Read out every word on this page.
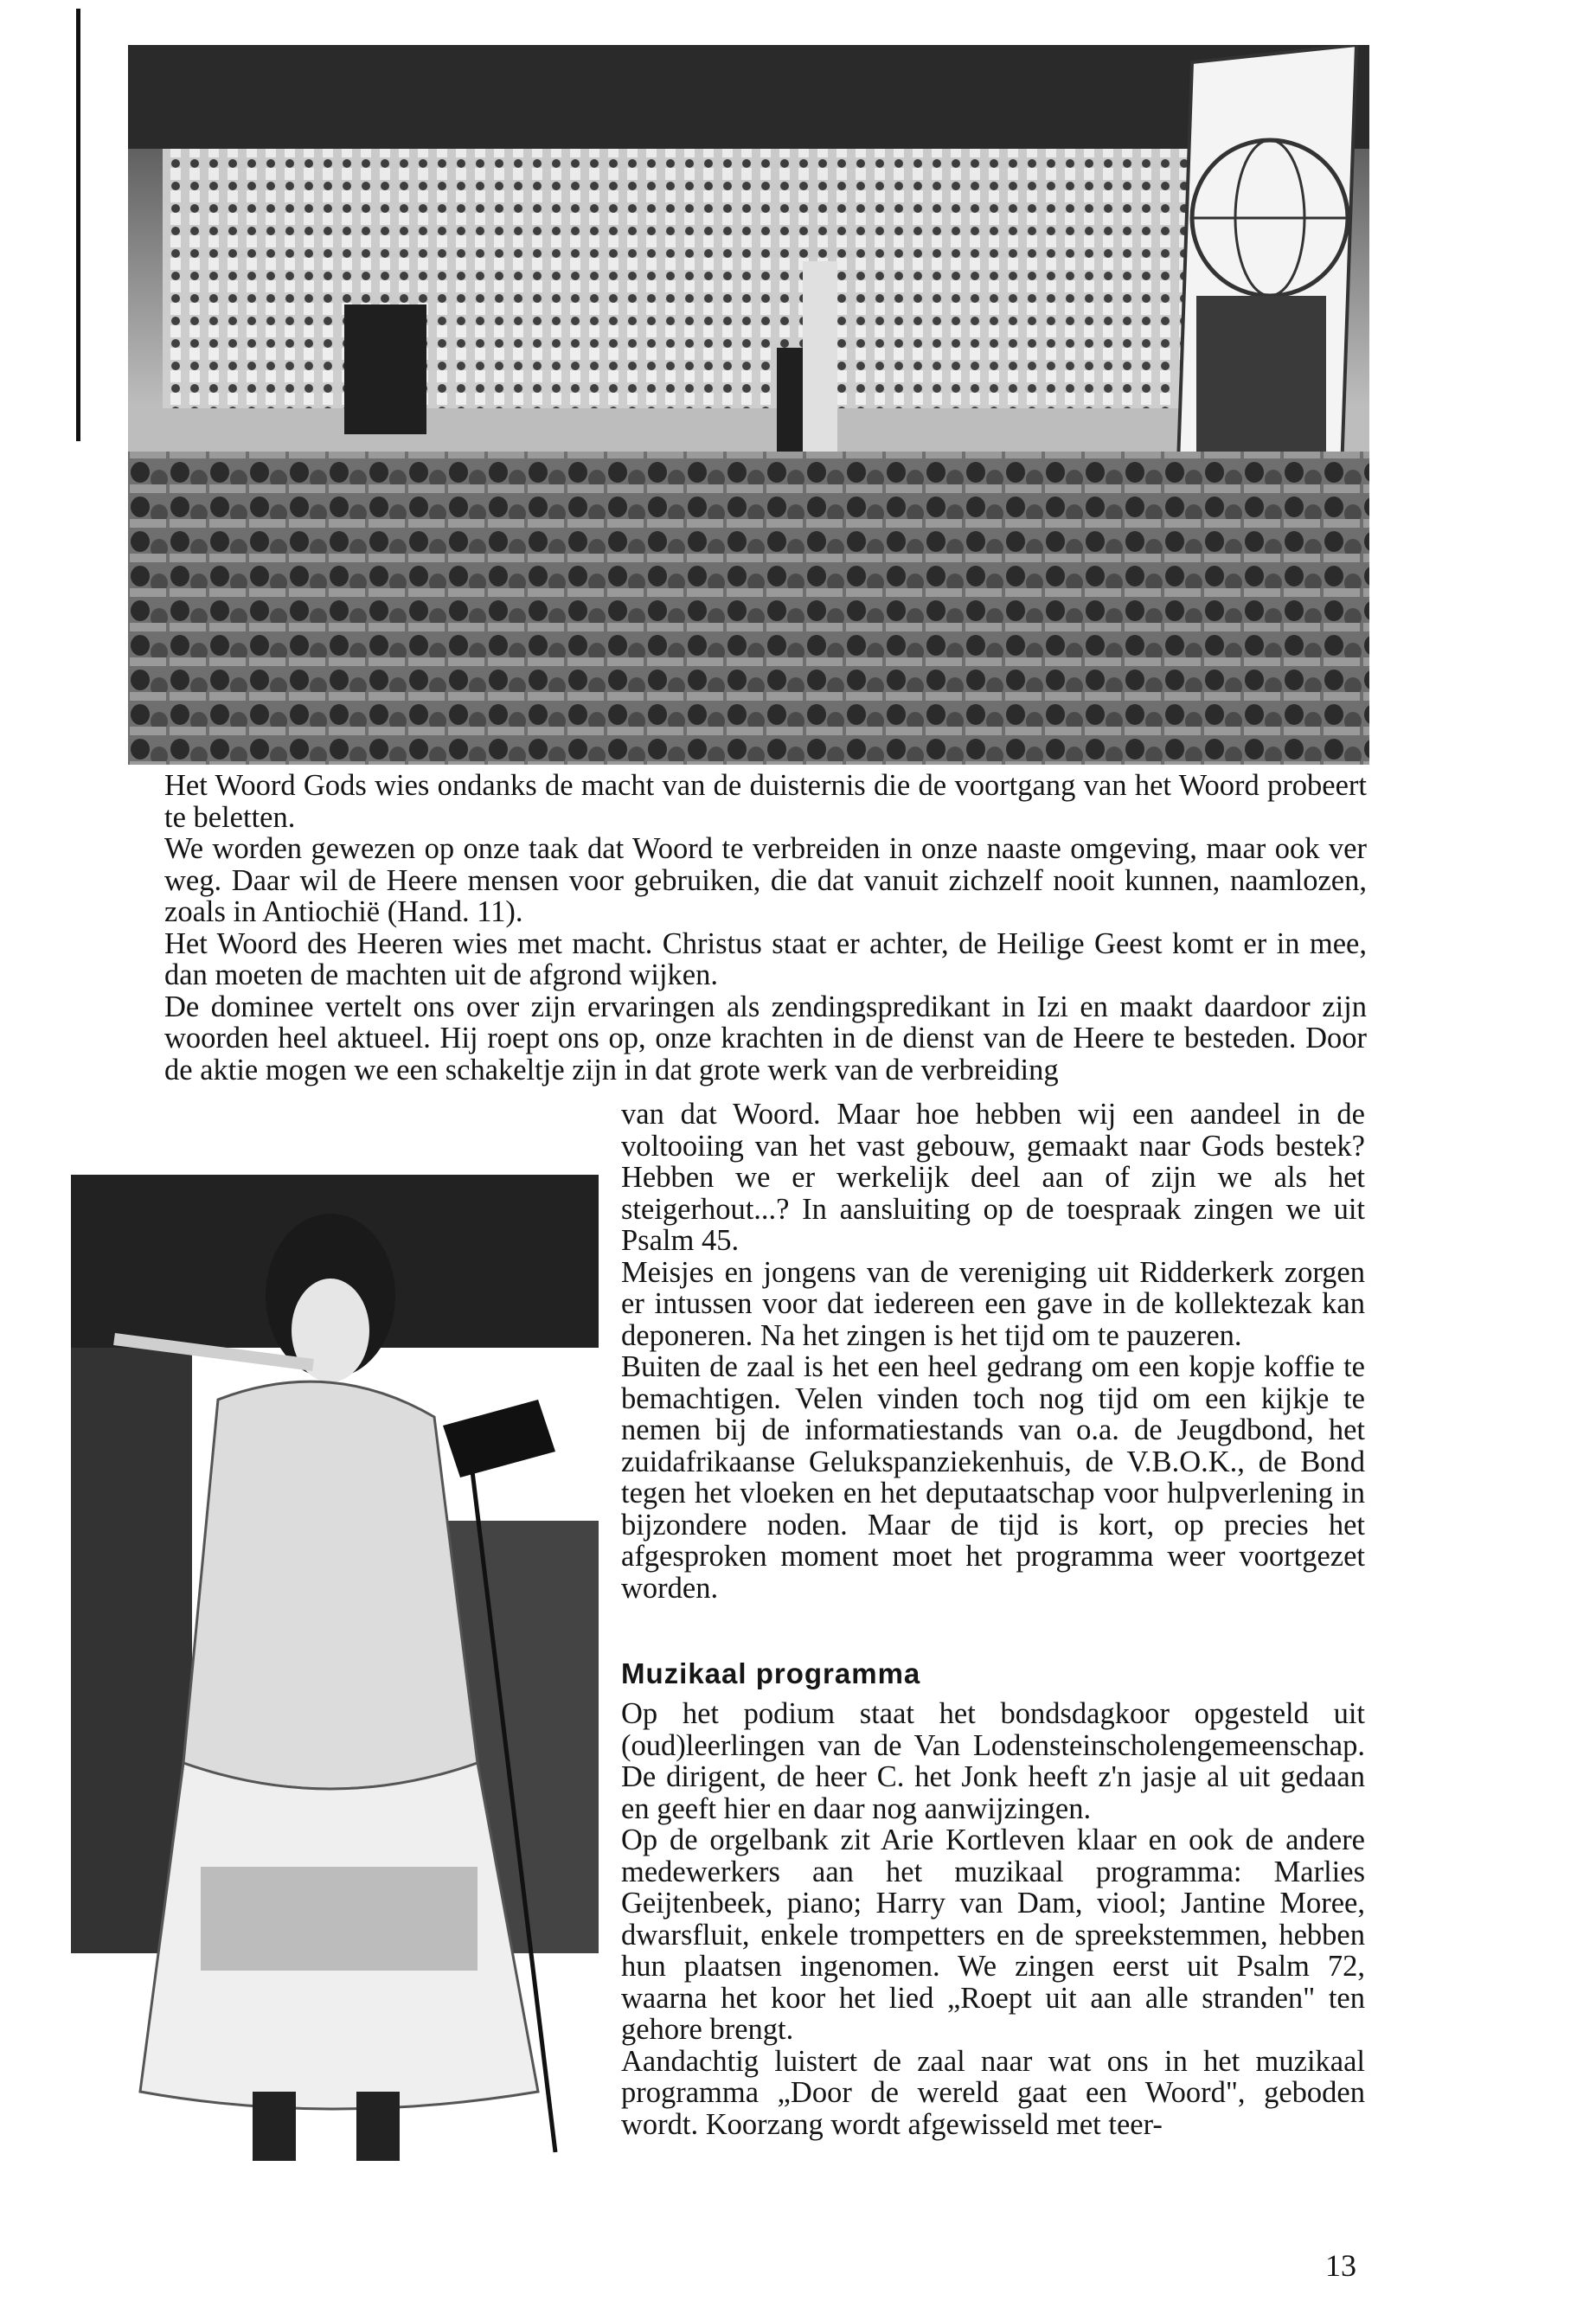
Het Woord Gods wies ondanks de macht van de duisternis die de voortgang van het Woord probeert te beletten.

We worden gewezen op onze taak dat Woord te verbreiden in onze naaste omgeving, maar ook ver weg. Daar wil de Heere mensen voor gebruiken, die dat vanuit zichzelf nooit kunnen, naamlozen, zoals in Antiochië (Hand. 11).

Het Woord des Heeren wies met macht. Christus staat er achter, de Heilige Geest komt er in mee, dan moeten de machten uit de afgrond wijken.

De dominee vertelt ons over zijn ervaringen als zendingspredikant in Izi en maakt daardoor zijn woorden heel aktueel. Hij roept ons op, onze krachten in de dienst van de Heere te besteden. Door de aktie mogen we een schakeltje zijn in dat grote werk van de verbreiding

van dat Woord. Maar hoe hebben wij een aandeel in de voltooiing van het vast gebouw, gemaakt naar Gods bestek? Hebben we er werkelijk deel aan of zijn we als het steigerhout...? In aansluiting op de toespraak zingen we uit Psalm 45.

Meisjes en jongens van de vereniging uit Ridderkerk zorgen er intussen voor dat iedereen een gave in de kollektezak kan deponeren. Na het zingen is het tijd om te pauzeren.

Buiten de zaal is het een heel gedrang om een kopje koffie te bemachtigen. Velen vinden toch nog tijd om een kijkje te nemen bij de informatiestands van o.a. de Jeugdbond, het zuidafrikaanse Gelukspanziekenhuis, de V.B.O.K., de Bond tegen het vloeken en het deputaatschap voor hulpverlening in bijzondere noden. Maar de tijd is kort, op precies het afgesproken moment moet het programma weer voortgezet worden.

Muzikaal programma

Op het podium staat het bondsdagkoor opgesteld uit (oud)leerlingen van de Van Lodensteinscholengemeenschap. De dirigent, de heer C. het Jonk heeft z'n jasje al uit gedaan en geeft hier en daar nog aanwijzingen.

Op de orgelbank zit Arie Kortleven klaar en ook de andere medewerkers aan het muzikaal programma: Marlies Geijtenbeek, piano; Harry van Dam, viool; Jantine Moree, dwarsfluit, enkele trompetters en de spreekstemmen, hebben hun plaatsen ingenomen. We zingen eerst uit Psalm 72, waarna het koor het lied „Roept uit aan alle stranden" ten gehore brengt.

Aandachtig luistert de zaal naar wat ons in het muzikaal programma „Door de wereld gaat een Woord", geboden wordt. Koorzang wordt afgewisseld met teer-

13
